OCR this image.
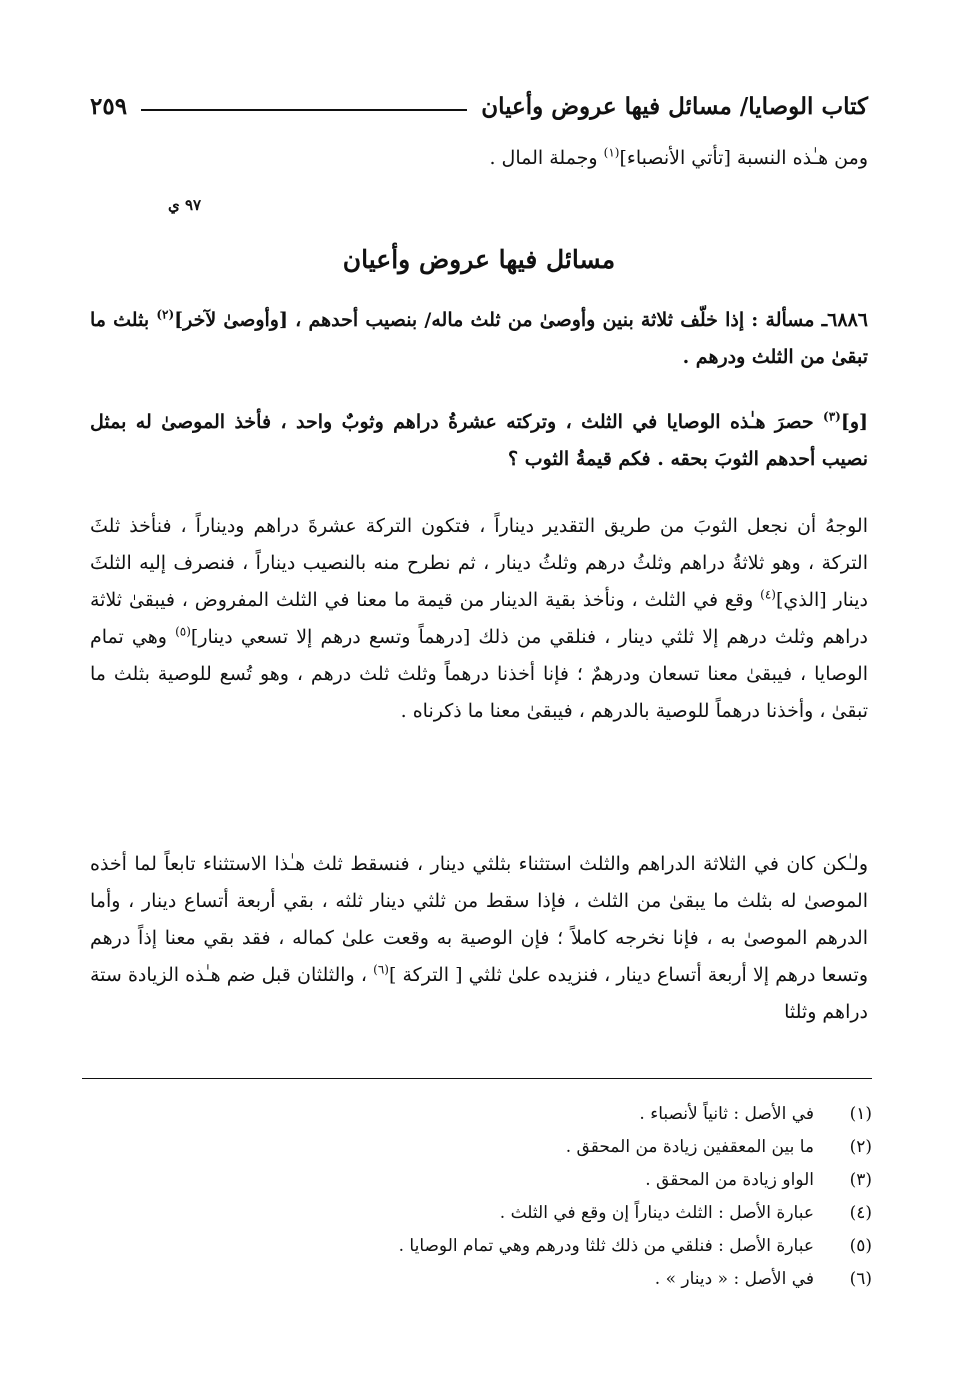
كتاب الوصايا/ مسائل فيها عروض وأعيان
٢٥٩
ومن هـٰذه النسبة [تأتي الأنصباء]$^{(١)}$ وجملة المال .
٩٧ ي
مسائل فيها عروض وأعيان
٦٨٨٦ـ مسألة : إذا خلّف ثلاثة بنين وأوصىٰ من ثلث ماله/ بنصيب أحدهم ، [وأوصىٰ لآخر]$^{(٢)}$ بثلث ما تبقىٰ من الثلث ودرهم .
[و]$^{(٣)}$ حصرَ هـٰذه الوصايا في الثلث ، وتركته عشرةُ دراهم وثوبٌ واحد ، فأخذ الموصىٰ له بمثل نصيب أحدهم الثوبَ بحقه . فكم قيمةُ الثوب ؟
الوجهُ أن نجعل الثوبَ من طريق التقدير ديناراً ، فتكون التركة عشرةَ دراهم وديناراً ، فنأخذ ثلثَ التركة ، وهو ثلاثةُ دراهم وثلثُ درهم وثلثُ دينار ، ثم نطرح منه بالنصيب ديناراً ، فنصرف إليه الثلثَ دينار [الذي]$^{(٤)}$ وقع في الثلث ، ونأخذ بقية الدينار من قيمة ما معنا في الثلث المفروض ، فيبقىٰ ثلاثة دراهم وثلث درهم إلا ثلثي دينار ، فنلقي من ذلك [درهماً وتسع درهم إلا تسعي دينار]$^{(٥)}$ وهي تمام الوصايا ، فيبقىٰ معنا تسعان ودرهمٌ ؛ فإنا أخذنا درهماً وثلث ثلث درهم ، وهو تُسع للوصية بثلث ما تبقىٰ ، وأخذنا درهماً للوصية بالدرهم ، فيبقىٰ معنا ما ذكرناه .
ولـٰكن كان في الثلاثة الدراهم والثلث استثناء بثلثي دينار ، فنسقط ثلث هـٰذا الاستثناء تابعاً لما أخذه الموصىٰ له بثلث ما يبقىٰ من الثلث ، فإذا سقط من ثلثي دينار ثلثه ، بقي أربعة أتساع دينار ، وأما الدرهم الموصىٰ به ، فإنا نخرجه كاملاً ؛ فإن الوصية به وقعت علىٰ كماله ، فقد بقي معنا إذاً درهم وتسعا درهم إلا أربعة أتساع دينار ، فنزيده علىٰ ثلثي [ التركة ]$^{(٦)}$ ، والثلثان قبل ضم هـٰذه الزيادة ستة دراهم وثلثا
(١)
في الأصل : ثانياً لأنصباء .
(٢)
ما بين المعقفين زيادة من المحقق .
(٣)
الواو زيادة من المحقق .
(٤)
عبارة الأصل : الثلث ديناراً إن وقع في الثلث .
(٥)
عبارة الأصل : فنلقي من ذلك ثلثا ودرهم وهي تمام الوصايا .
(٦)
في الأصل : « دينار » .
